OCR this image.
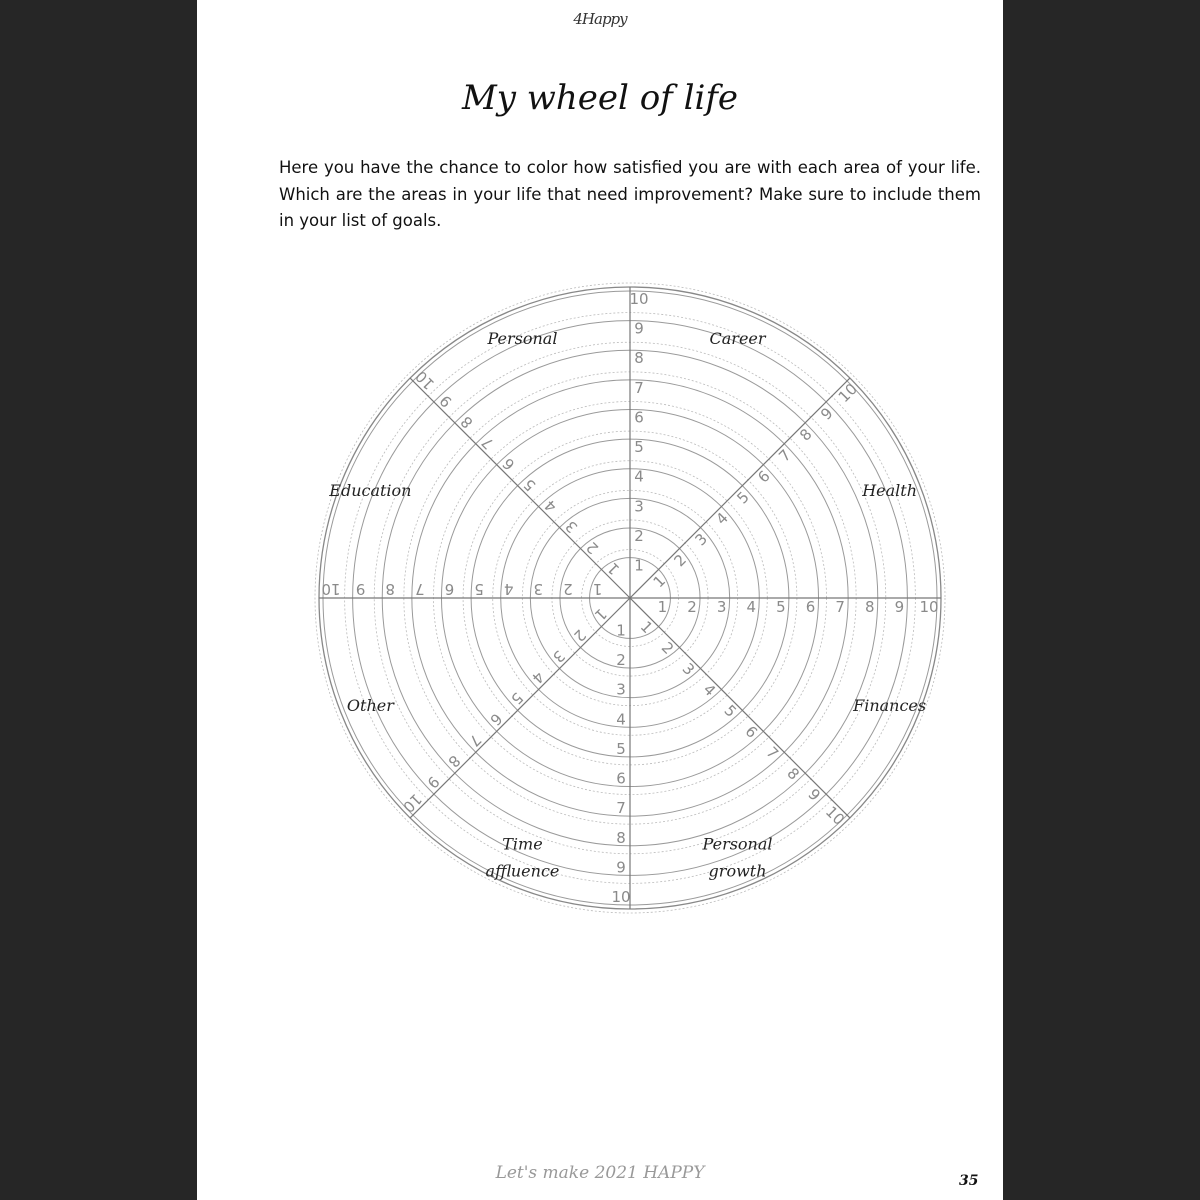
4Happy
My wheel of life

Here you have the chance to color how satisfied you are with each area of your life. Which are the areas in your life that need improvement? Make sure to include them in your list of goals.

1 2 3 4 5 6 7 8 9 10
1
2
3
4
5
6
7
8
9
10
1
2
3
4
5
6
7
8
9
10
1
2
3
4
5
6
7
8
9
10
1
2
3
4
5
6
7
8
9
10
1
2
3
4
5
6
7
8
9
10
1
2
3
4
5
6
7
8
9
10
1
2
3
4
5
6
7
8
9
10
Career
Health
Finances
Personal
growth
Time
affluence
Other
Education
Personal
Let's make 2021 HAPPY	35
